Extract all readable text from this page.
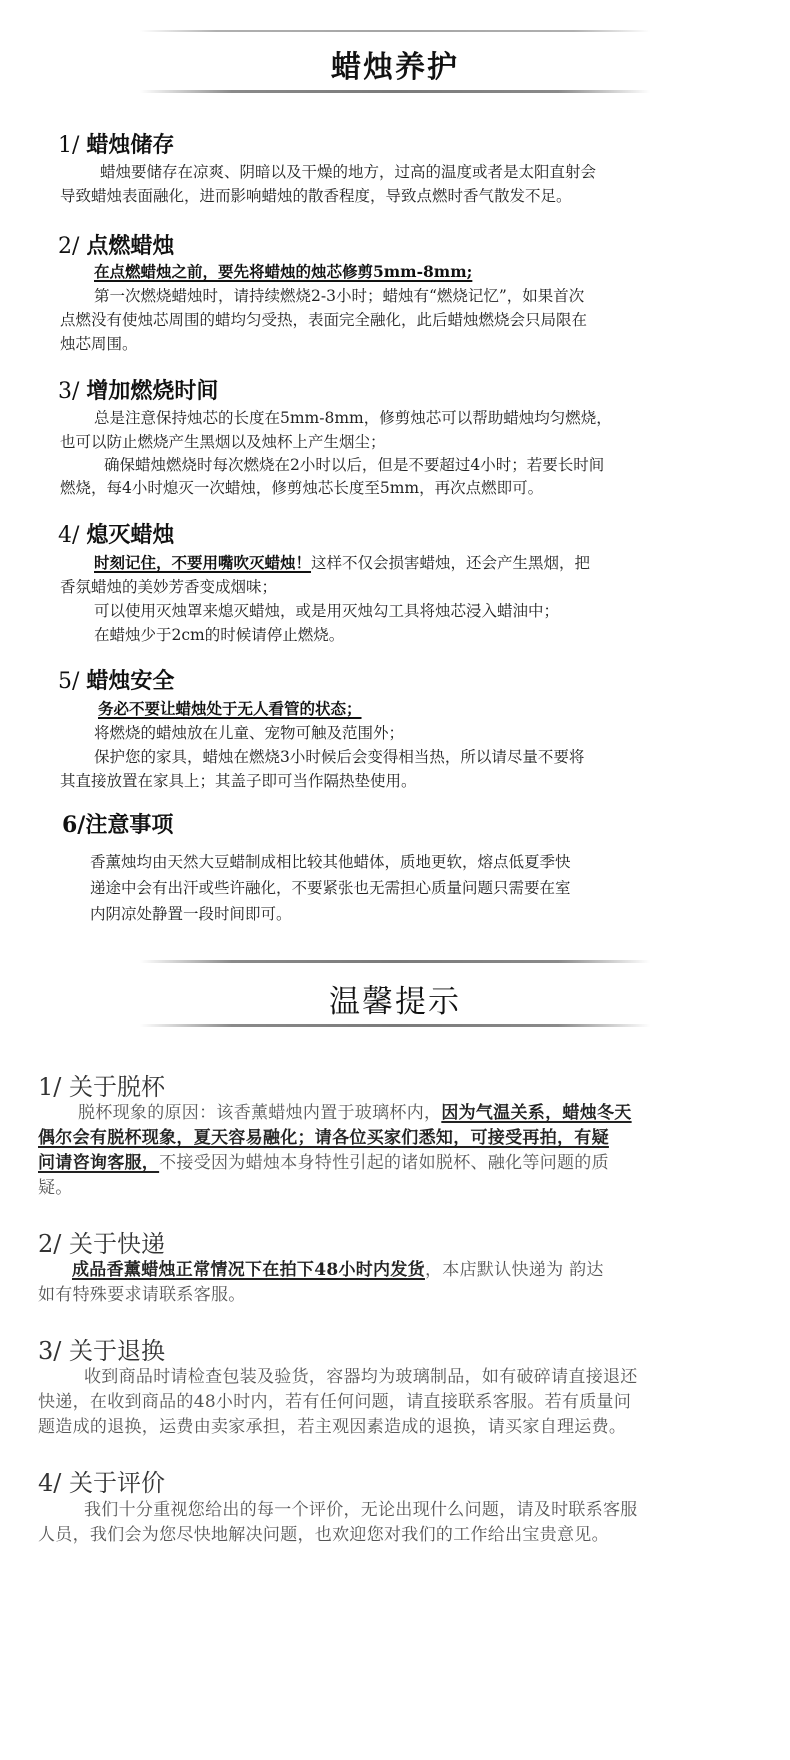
蜡烛养护
1/ 蜡烛储存
蜡烛要储存在凉爽、阴暗以及干燥的地方，过高的温度或者是太阳直射会
导致蜡烛表面融化，进而影响蜡烛的散香程度，导致点燃时香气散发不足。
2/ 点燃蜡烛
在点燃蜡烛之前，要先将蜡烛的烛芯修剪5mm-8mm;
第一次燃烧蜡烛时，请持续燃烧2-3小时；蜡烛有“燃烧记忆”，如果首次
点燃没有使烛芯周围的蜡均匀受热，表面完全融化，此后蜡烛燃烧会只局限在
烛芯周围。
3/ 增加燃烧时间
总是注意保持烛芯的长度在5mm-8mm，修剪烛芯可以帮助蜡烛均匀燃烧，
也可以防止燃烧产生黑烟以及烛杯上产生烟尘；
确保蜡烛燃烧时每次燃烧在2小时以后，但是不要超过4小时；若要长时间
燃烧，每4小时熄灭一次蜡烛，修剪烛芯长度至5mm，再次点燃即可。
4/ 熄灭蜡烛
时刻记住，不要用嘴吹灭蜡烛！这样不仅会损害蜡烛，还会产生黑烟，把
香氛蜡烛的美妙芳香变成烟味；
可以使用灭烛罩来熄灭蜡烛，或是用灭烛勾工具将烛芯浸入蜡油中；
在蜡烛少于2cm的时候请停止燃烧。
5/ 蜡烛安全
务必不要让蜡烛处于无人看管的状态；
将燃烧的蜡烛放在儿童、宠物可触及范围外；
保护您的家具，蜡烛在燃烧3小时候后会变得相当热，所以请尽量不要将
其直接放置在家具上；其盖子即可当作隔热垫使用。
6/注意事项
香薰烛均由天然大豆蜡制成相比较其他蜡体，质地更软，熔点低夏季快
递途中会有出汗或些许融化，不要紧张也无需担心质量问题只需要在室
内阴凉处静置一段时间即可。
温馨提示
1/ 关于脱杯
脱杯现象的原因：该香薰蜡烛内置于玻璃杯内，因为气温关系，蜡烛冬天
偶尔会有脱杯现象，夏天容易融化；请各位买家们悉知，可接受再拍，有疑
问请咨询客服，不接受因为蜡烛本身特性引起的诸如脱杯、融化等问题的质
疑。
2/ 关于快递
成品香薰蜡烛正常情况下在拍下48小时内发货，本店默认快递为 韵达
如有特殊要求请联系客服。
3/ 关于退换
收到商品时请检查包装及验货，容器均为玻璃制品，如有破碎请直接退还
快递，在收到商品的48小时内，若有任何问题，请直接联系客服。若有质量问
题造成的退换，运费由卖家承担，若主观因素造成的退换，请买家自理运费。
4/ 关于评价
我们十分重视您给出的每一个评价，无论出现什么问题，请及时联系客服
人员，我们会为您尽快地解决问题，也欢迎您对我们的工作给出宝贵意见。
